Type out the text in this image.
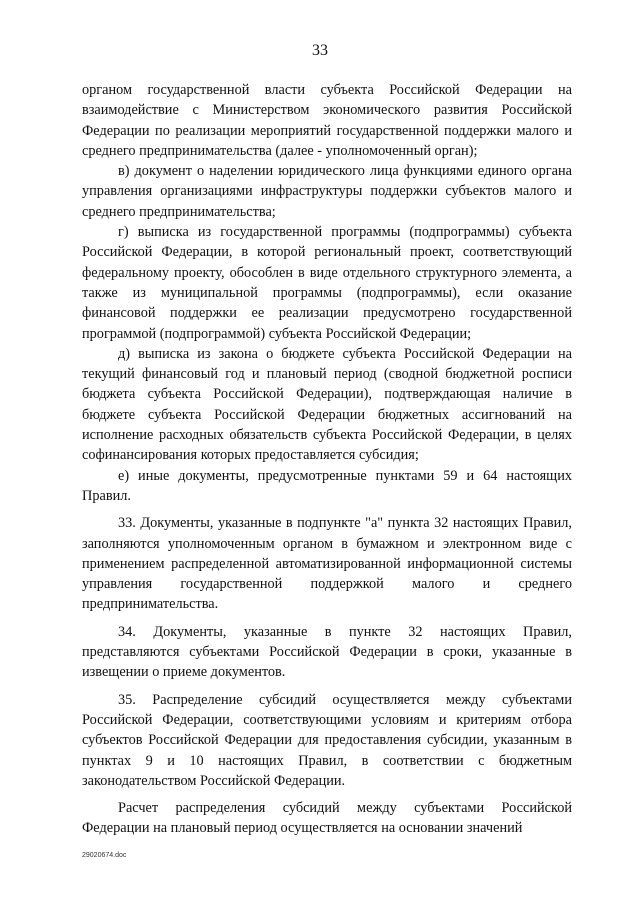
33

органом государственной власти субъекта Российской Федерации на взаимодействие с Министерством экономического развития Российской Федерации по реализации мероприятий государственной поддержки малого и среднего предпринимательства (далее - уполномоченный орган);

в) документ о наделении юридического лица функциями единого органа управления организациями инфраструктуры поддержки субъектов малого и среднего предпринимательства;

г) выписка из государственной программы (подпрограммы) субъекта Российской Федерации, в которой региональный проект, соответствующий федеральному проекту, обособлен в виде отдельного структурного элемента, а также из муниципальной программы (подпрограммы), если оказание финансовой поддержки ее реализации предусмотрено государственной программой (подпрограммой) субъекта Российской Федерации;

д) выписка из закона о бюджете субъекта Российской Федерации на текущий финансовый год и плановый период (сводной бюджетной росписи бюджета субъекта Российской Федерации), подтверждающая наличие в бюджете субъекта Российской Федерации бюджетных ассигнований на исполнение расходных обязательств субъекта Российской Федерации, в целях софинансирования которых предоставляется субсидия;

е) иные документы, предусмотренные пунктами 59 и 64 настоящих Правил.

33. Документы, указанные в подпункте "а" пункта 32 настоящих Правил, заполняются уполномоченным органом в бумажном и электронном виде с применением распределенной автоматизированной информационной системы управления государственной поддержкой малого и среднего предпринимательства.

34. Документы, указанные в пункте 32 настоящих Правил, представляются субъектами Российской Федерации в сроки, указанные в извещении о приеме документов.

35. Распределение субсидий осуществляется между субъектами Российской Федерации, соответствующими условиям и критериям отбора субъектов Российской Федерации для предоставления субсидии, указанным в пунктах 9 и 10 настоящих Правил, в соответствии с бюджетным законодательством Российской Федерации.

Расчет распределения субсидий между субъектами Российской Федерации на плановый период осуществляется на основании значений

29020674.doc
